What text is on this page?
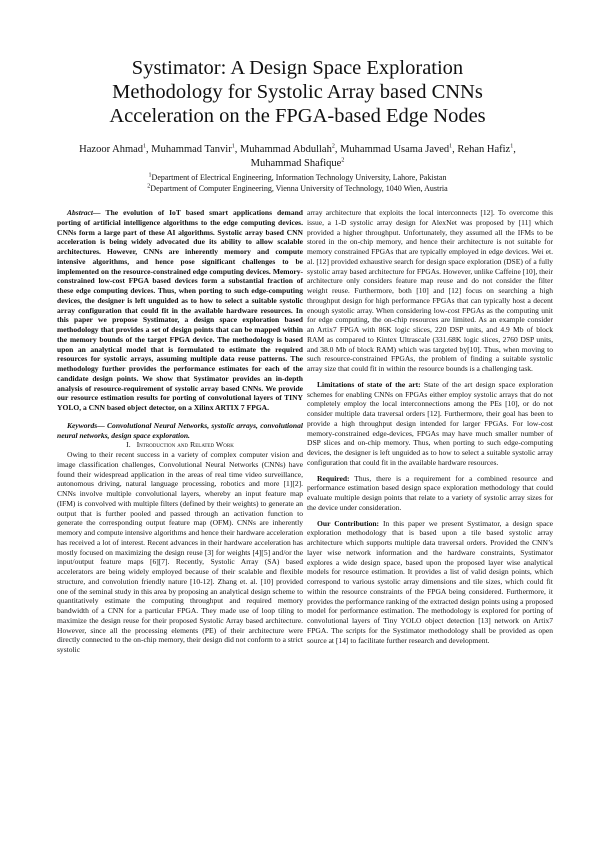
Systimator: A Design Space Exploration
Methodology for Systolic Array based CNNs
Acceleration on the FPGA-based Edge Nodes
Hazoor Ahmad$^1$, Muhammad Tanvir$^1$, Muhammad Abdullah$^2$, Muhammad Usama Javed$^1$, Rehan Hafiz$^1$,
Muhammad Shafique$^2$
$^1$Department of Electrical Engineering, Information Technology University, Lahore, Pakistan
$^2$Department of Computer Engineering, Vienna University of Technology, 1040 Wien, Austria

Abstract— The evolution of IoT based smart applications demand porting of artificial intelligence algorithms to the edge computing devices. CNNs form a large part of these AI algorithms. Systolic array based CNN acceleration is being widely advocated due its ability to allow scalable architectures. However, CNNs are inherently memory and compute intensive algorithms, and hence pose significant challenges to be implemented on the resource-constrained edge computing devices. Memory-constrained low-cost FPGA based devices form a substantial fraction of these edge computing devices. Thus, when porting to such edge-computing devices, the designer is left unguided as to how to select a suitable systolic array configuration that could fit in the available hardware resources. In this paper we propose Systimator, a design space exploration based methodology that provides a set of design points that can be mapped within the memory bounds of the target FPGA device. The methodology is based upon an analytical model that is formulated to estimate the required resources for systolic arrays, assuming multiple data reuse patterns. The methodology further provides the performance estimates for each of the candidate design points. We show that Systimator provides an in-depth analysis of resource-requirement of systolic array based CNNs. We provide our resource estimation results for porting of convolutional layers of TINY YOLO, a CNN based object detector, on a Xilinx ARTIX 7 FPGA.

Keywords— Convolutional Neural Networks, systolic arrays, convolutional neural networks, design space exploration.

I. Introduction and Related Work

Owing to their recent success in a variety of complex computer vision and image classification challenges, Convolutional Neural Networks (CNNs) have found their widespread application in the areas of real time video surveillance, autonomous driving, natural language processing, robotics and more [1][2]. CNNs involve multiple convolutional layers, whereby an input feature map (IFM) is convolved with multiple filters (defined by their weights) to generate an output that is further pooled and passed through an activation function to generate the corresponding output feature map (OFM). CNNs are inherently memory and compute intensive algorithms and hence their hardware acceleration has received a lot of interest. Recent advances in their hardware acceleration has mostly focused on maximizing the design reuse [3] for weights [4][5] and/or the input/output feature maps [6][7]. Recently, Systolic Array (SA) based accelerators are being widely employed because of their scalable and flexible structure, and convolution friendly nature [10-12]. Zhang et. al. [10] provided one of the seminal study in this area by proposing an analytical design scheme to quantitatively estimate the computing throughput and required memory bandwidth of a CNN for a particular FPGA. They made use of loop tiling to maximize the design reuse for their proposed Systolic Array based architecture. However, since all the processing elements (PE) of their architecture were directly connected to the on-chip memory, their design did not conform to a strict systolic

array architecture that exploits the local interconnects [12]. To overcome this issue, a 1-D systolic array design for AlexNet was proposed by [11] which provided a higher throughput. Unfortunately, they assumed all the IFMs to be stored in the on-chip memory, and hence their architecture is not suitable for memory constrained FPGAs that are typically employed in edge devices. Wei et. al. [12] provided exhaustive search for design space exploration (DSE) of a fully systolic array based architecture for FPGAs. However, unlike Caffeine [10], their architecture only considers feature map reuse and do not consider the filter weight reuse. Furthermore, both [10] and [12] focus on searching a high throughput design for high performance FPGAs that can typically host a decent enough systolic array. When considering low-cost FPGAs as the computing unit for edge computing, the on-chip resources are limited. As an example consider an Artix7 FPGA with 86K logic slices, 220 DSP units, and 4.9 Mb of block RAM as compared to Kintex Ultrascale (331.68K logic slices, 2760 DSP units, and 38.0 Mb of block RAM) which was targeted by[10]. Thus, when moving to such resource-constrained FPGAs, the problem of finding a suitable systolic array size that could fit in within the resource bounds is a challenging task.

Limitations of state of the art: State of the art design space exploration schemes for enabling CNNs on FPGAs either employ systolic arrays that do not completely employ the local interconnections among the PEs [10], or do not consider multiple data traversal orders [12]. Furthermore, their goal has been to provide a high throughput design intended for larger FPGAs. For low-cost memory-constrained edge-devices, FPGAs may have much smaller number of DSP slices and on-chip memory. Thus, when porting to such edge-computing devices, the designer is left unguided as to how to select a suitable systolic array configuration that could fit in the available hardware resources.

Required: Thus, there is a requirement for a combined resource and performance estimation based design space exploration methodology that could evaluate multiple design points that relate to a variety of systolic array sizes for the device under consideration.

Our Contribution: In this paper we present Systimator, a design space exploration methodology that is based upon a tile based systolic array architecture which supports multiple data traversal orders. Provided the CNN’s layer wise network information and the hardware constraints, Systimator explores a wide design space, based upon the proposed layer wise analytical models for resource estimation. It provides a list of valid design points, which correspond to various systolic array dimensions and tile sizes, which could fit within the resource constraints of the FPGA being considered. Furthermore, it provides the performance ranking of the extracted design points using a proposed model for performance estimation. The methodology is explored for porting of convolutional layers of Tiny YOLO object detection [13] network on Artix7 FPGA. The scripts for the Systimator methodology shall be provided as open source at [14] to facilitate further research and development.
